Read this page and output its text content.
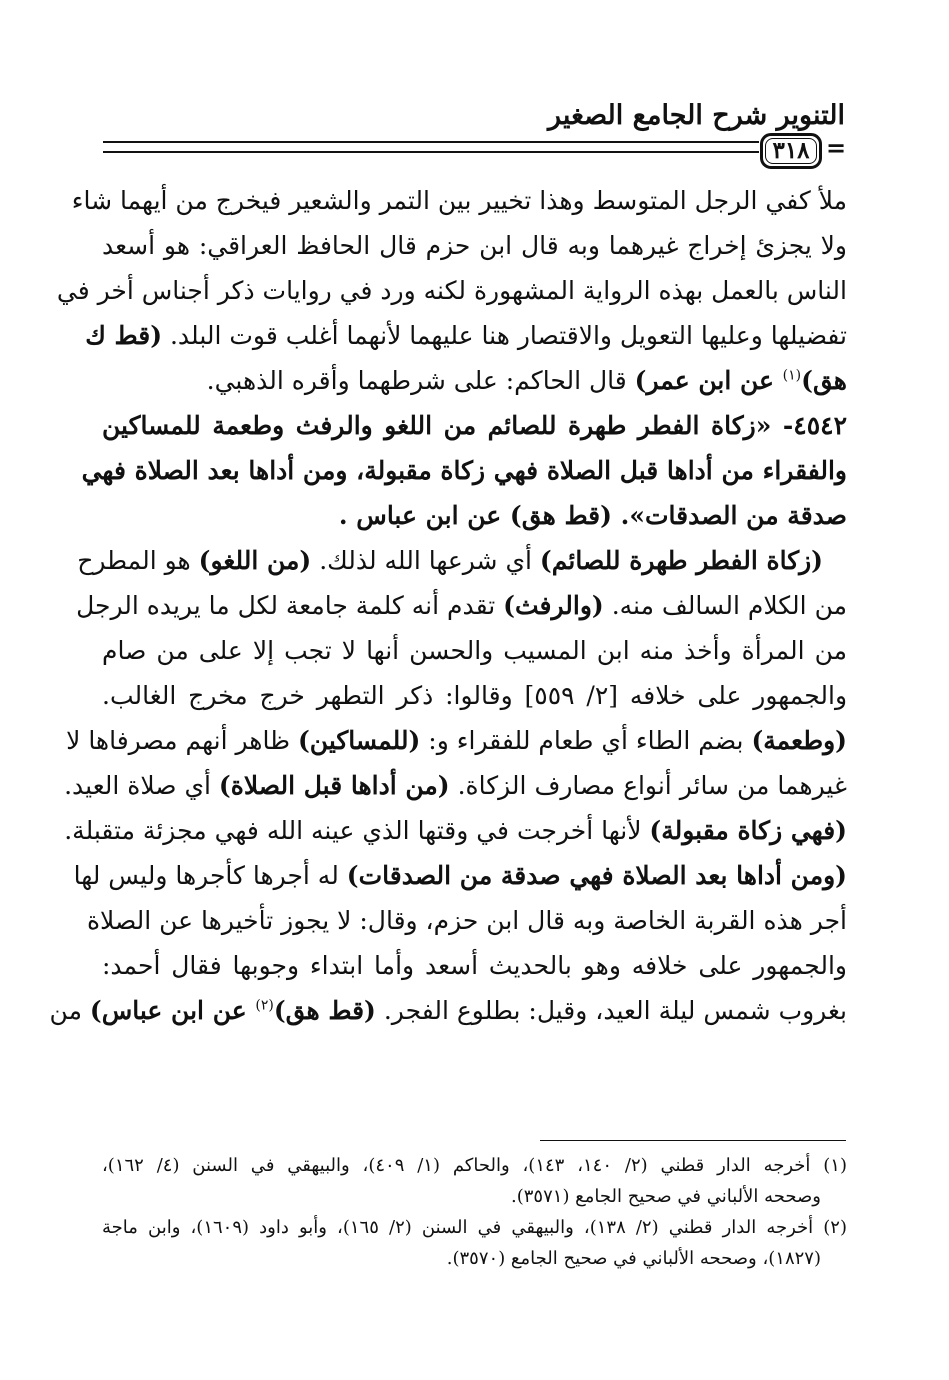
التنوير شرح الجامع الصغير
٣١٨ =
ملأ كفي الرجل المتوسط وهذا تخيير بين التمر والشعير فيخرج من أيهما شاء
ولا يجزئ إخراج غيرهما وبه قال ابن حزم قال الحافظ العراقي: هو أسعد
الناس بالعمل بهذه الرواية المشهورة لكنه ورد في روايات ذكر أجناس أخر في
تفضيلها وعليها التعويل والاقتصار هنا عليهما لأنهما أغلب قوت البلد. (قط ك
هق)$^{(١)}$ عن ابن عمر) قال الحاكم: على شرطهما وأقره الذهبي.
٤٥٤٢- «زكاة الفطر طهرة للصائم من اللغو والرفث وطعمة للمساكين
والفقراء من أداها قبل الصلاة فهي زكاة مقبولة، ومن أداها بعد الصلاة فهي
صدقة من الصدقات». (قط هق) عن ابن عباس .
(زكاة الفطر طهرة للصائم) أي شرعها الله لذلك. (من اللغو) هو المطرح
من الكلام السالف منه. (والرفث) تقدم أنه كلمة جامعة لكل ما يريده الرجل
من المرأة وأخذ منه ابن المسيب والحسن أنها لا تجب إلا على من صام
والجمهور على خلافه [٢/ ٥٥٩] وقالوا: ذكر التطهر خرج مخرج الغالب.
(وطعمة) بضم الطاء أي طعام للفقراء و: (للمساكين) ظاهر أنهم مصرفاها لا
غيرهما من سائر أنواع مصارف الزكاة. (من أداها قبل الصلاة) أي صلاة العيد.
(فهي زكاة مقبولة) لأنها أخرجت في وقتها الذي عينه الله فهي مجزئة متقبلة.
(ومن أداها بعد الصلاة فهي صدقة من الصدقات) له أجرها كأجرها وليس لها
أجر هذه القربة الخاصة وبه قال ابن حزم، وقال: لا يجوز تأخيرها عن الصلاة
والجمهور على خلافه وهو بالحديث أسعد وأما ابتداء وجوبها فقال أحمد:
بغروب شمس ليلة العيد، وقيل: بطلوع الفجر. (قط هق)$^{(٢)}$ عن ابن عباس) من
(١) أخرجه الدار قطني (٢/ ١٤٠، ١٤٣)، والحاكم (١/ ٤٠٩)، والبيهقي في السنن (٤/ ١٦٢)،
وصححه الألباني في صحيح الجامع (٣٥٧١).
(٢) أخرجه الدار قطني (٢/ ١٣٨)، والبيهقي في السنن (٢/ ١٦٥)، وأبو داود (١٦٠٩)، وابن ماجة
(١٨٢٧)، وصححه الألباني في صحيح الجامع (٣٥٧٠).
